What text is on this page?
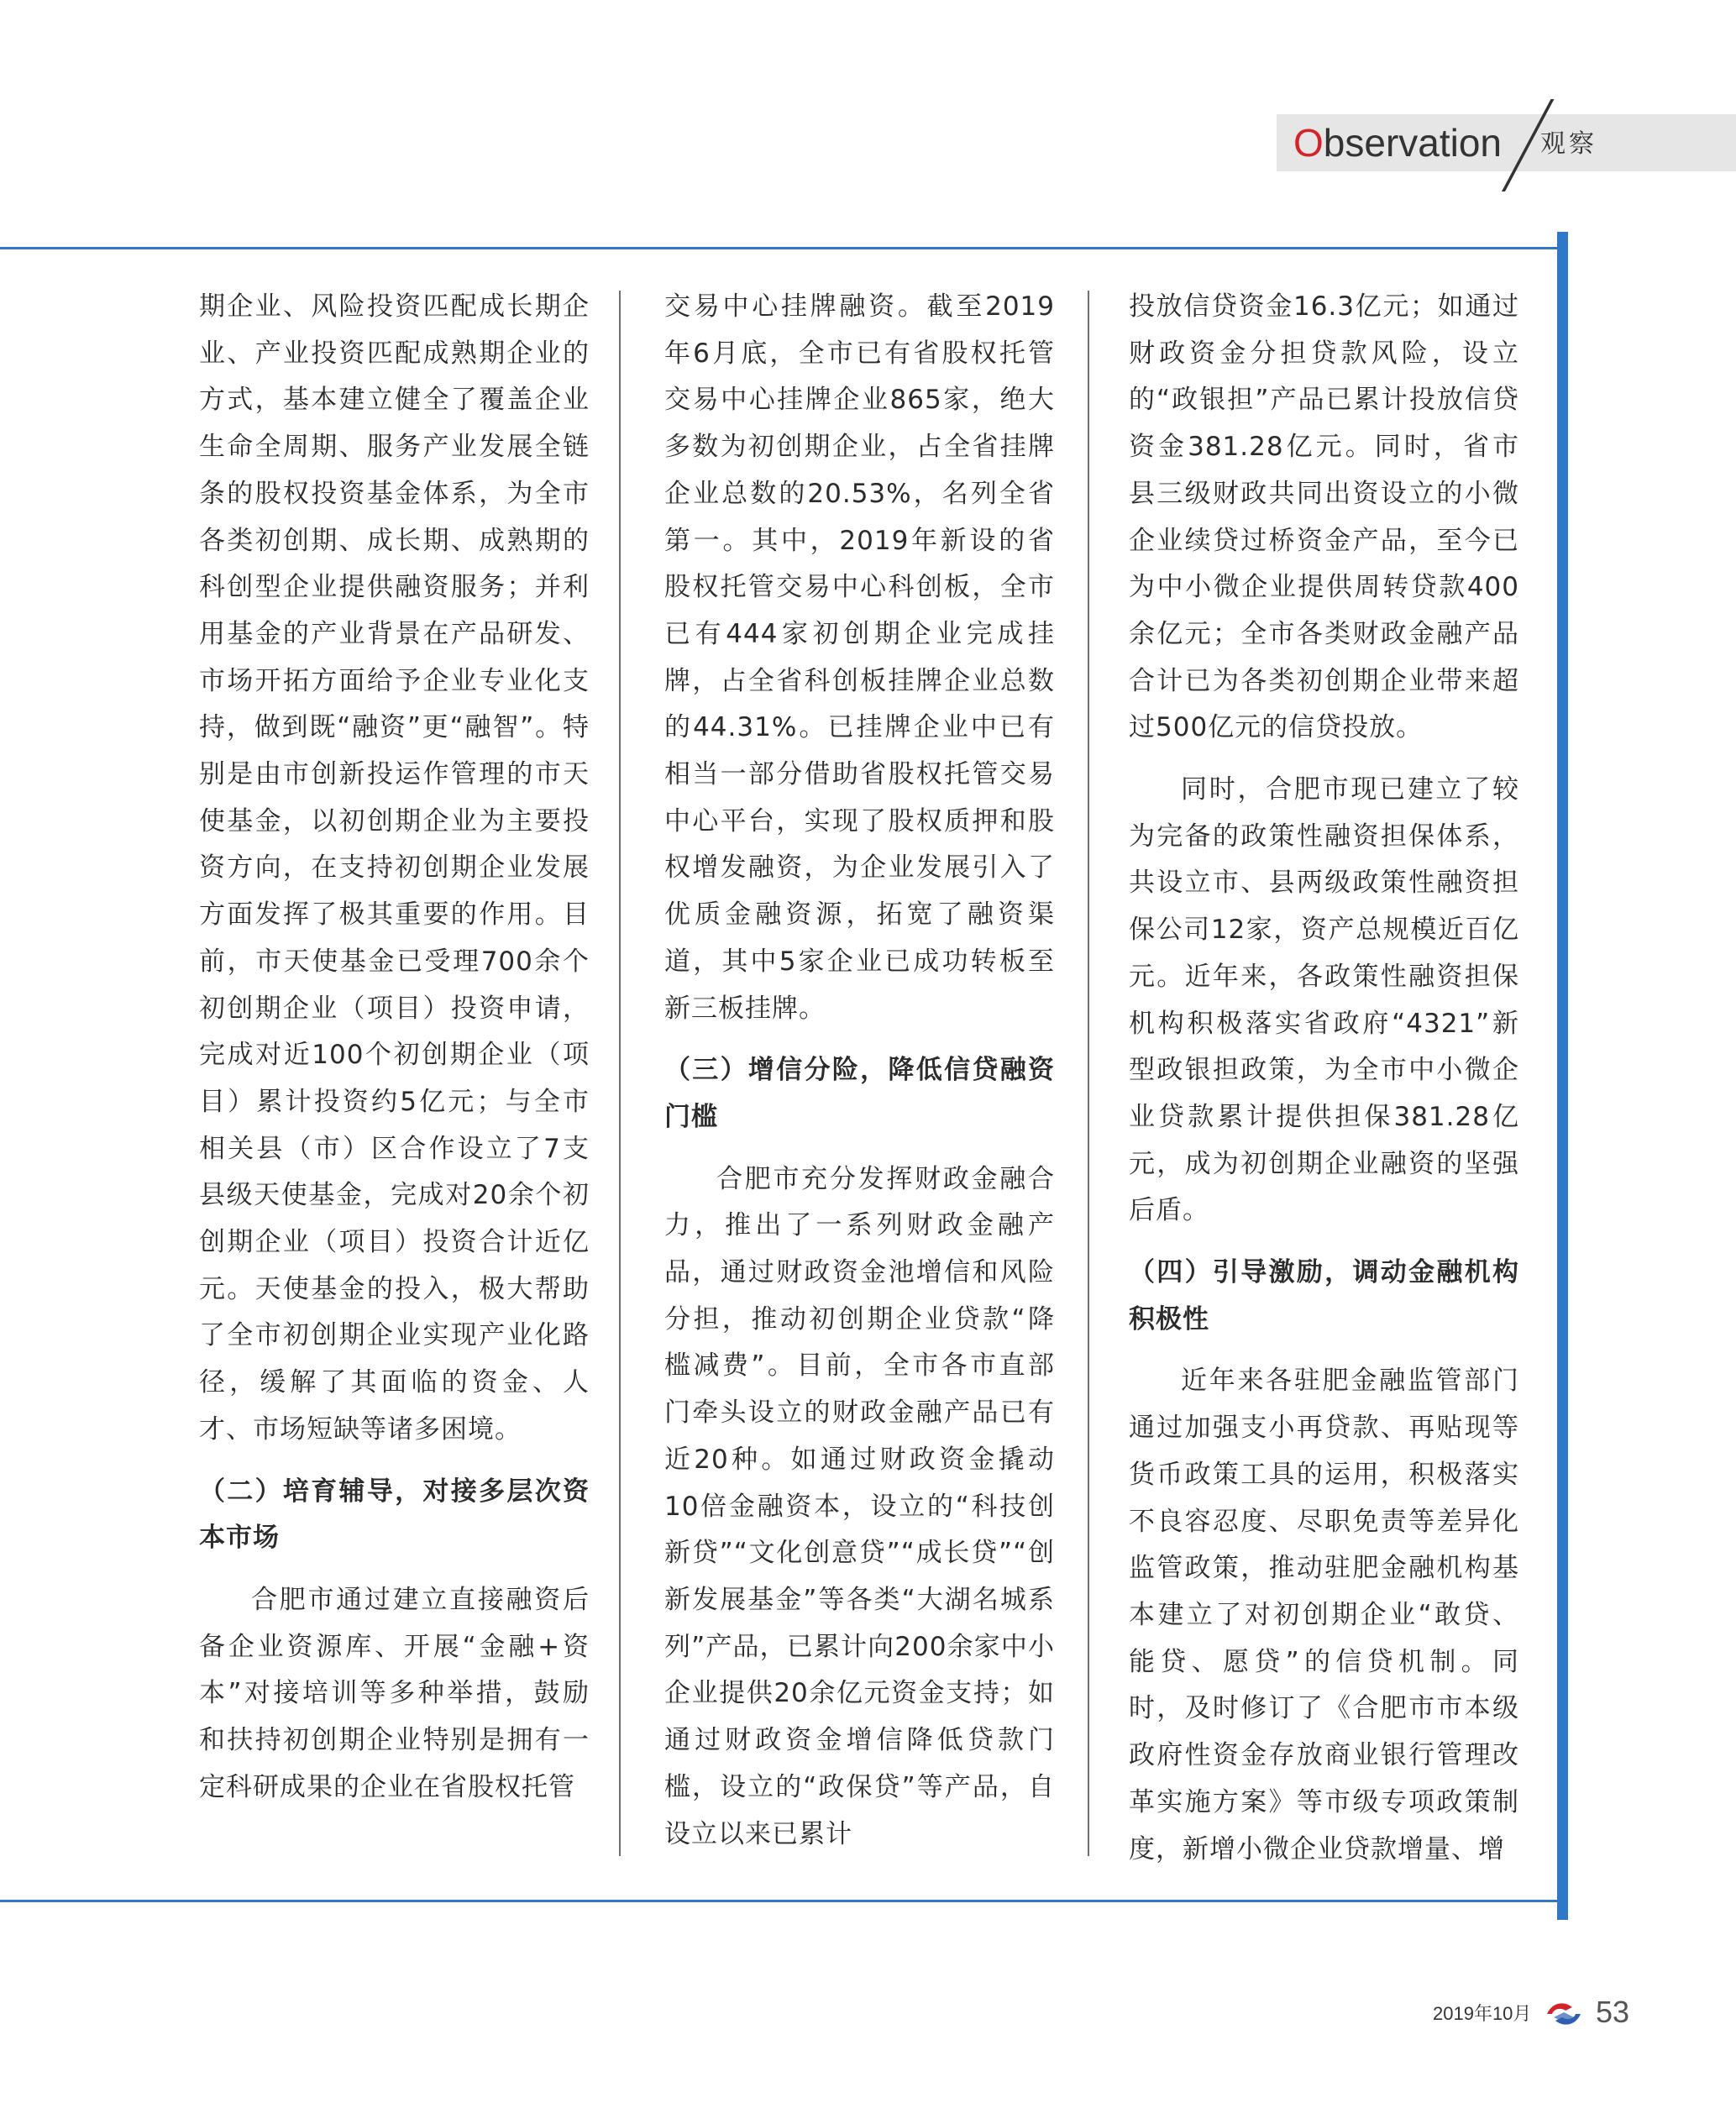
Observation 观察

期企业、风险投资匹配成长期企业、产业投资匹配成熟期企业的方式，基本建立健全了覆盖企业生命全周期、服务产业发展全链条的股权投资基金体系，为全市各类初创期、成长期、成熟期的科创型企业提供融资服务；并利用基金的产业背景在产品研发、市场开拓方面给予企业专业化支持，做到既“融资”更“融智”。特别是由市创新投运作管理的市天使基金，以初创期企业为主要投资方向，在支持初创期企业发展方面发挥了极其重要的作用。目前，市天使基金已受理700余个初创期企业（项目）投资申请，完成对近100个初创期企业（项目）累计投资约5亿元；与全市相关县（市）区合作设立了7支县级天使基金，完成对20余个初创期企业（项目）投资合计近亿元。天使基金的投入，极大帮助了全市初创期企业实现产业化路径，缓解了其面临的资金、人才、市场短缺等诸多困境。

（二）培育辅导，对接多层次资本市场

合肥市通过建立直接融资后备企业资源库、开展“金融+资本”对接培训等多种举措，鼓励和扶持初创期企业特别是拥有一定科研成果的企业在省股权托管

交易中心挂牌融资。截至2019年6月底，全市已有省股权托管交易中心挂牌企业865家，绝大多数为初创期企业，占全省挂牌企业总数的20.53%，名列全省第一。其中，2019年新设的省股权托管交易中心科创板，全市已有444家初创期企业完成挂牌，占全省科创板挂牌企业总数的44.31%。已挂牌企业中已有相当一部分借助省股权托管交易中心平台，实现了股权质押和股权增发融资，为企业发展引入了优质金融资源，拓宽了融资渠道，其中5家企业已成功转板至新三板挂牌。

（三）增信分险，降低信贷融资门槛

合肥市充分发挥财政金融合力，推出了一系列财政金融产品，通过财政资金池增信和风险分担，推动初创期企业贷款“降槛减费”。目前，全市各市直部门牵头设立的财政金融产品已有近20种。如通过财政资金撬动10倍金融资本，设立的“科技创新贷”“文化创意贷”“成长贷”“创新发展基金”等各类“大湖名城系列”产品，已累计向200余家中小企业提供20余亿元资金支持；如通过财政资金增信降低贷款门槛，设立的“政保贷”等产品，自设立以来已累计

投放信贷资金16.3亿元；如通过财政资金分担贷款风险，设立的“政银担”产品已累计投放信贷资金381.28亿元。同时，省市县三级财政共同出资设立的小微企业续贷过桥资金产品，至今已为中小微企业提供周转贷款400余亿元；全市各类财政金融产品合计已为各类初创期企业带来超过500亿元的信贷投放。

同时，合肥市现已建立了较为完备的政策性融资担保体系，共设立市、县两级政策性融资担保公司12家，资产总规模近百亿元。近年来，各政策性融资担保机构积极落实省政府“4321”新型政银担政策，为全市中小微企业贷款累计提供担保381.28亿元，成为初创期企业融资的坚强后盾。

（四）引导激励，调动金融机构积极性

近年来各驻肥金融监管部门通过加强支小再贷款、再贴现等货币政策工具的运用，积极落实不良容忍度、尽职免责等差异化监管政策，推动驻肥金融机构基本建立了对初创期企业“敢贷、能贷、愿贷”的信贷机制。同时，及时修订了《合肥市市本级政府性资金存放商业银行管理改革实施方案》等市级专项政策制度，新增小微企业贷款增量、增

2019年10月 53
